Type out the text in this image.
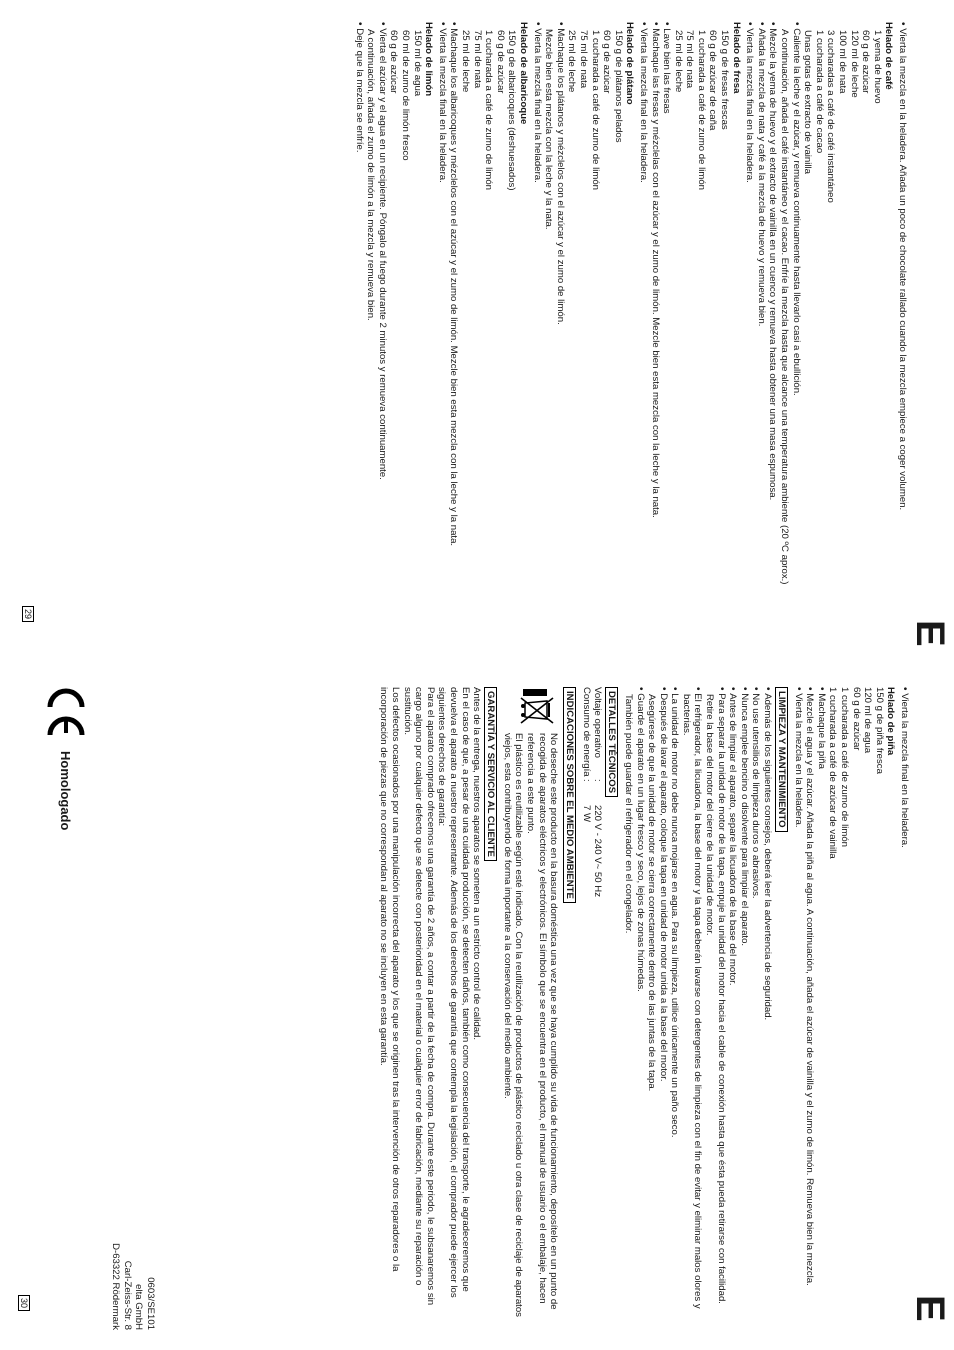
E

• Vierta la mezcla en la heladera. Añada un poco de chocolate rallado cuando la mezcla empiece a coger volumen.

Helado de café

1 yema de huevo

60 g de azúcar

120 ml de leche

100 ml de nata

3 cucharadas a café de café instantáneo

1 cucharada a café de cacao

Unas gotas de extracto de vainilla

• Caliente la leche y el azúcar, y remueva continuamente hasta llevarlo casi a ebullición.

A continuación, añada el café instantáneo y el cacao. Enfríe la mezcla hasta que alcance una temperatura ambiente (20 ºC aprox.)

• Mezcle la yema de huevo y el extracto de vainilla en un cuenco y remueva hasta obtener una masa espumosa.

• Añada la mezcla de nata y café a la mezcla de huevo y remueva bien.

• Vierta la mezcla final en la heladera.

Helado de fresa

150 g de fresas frescas

60 g de azúcar de caña

1 cucharada a café de zumo de limón

75 ml de nata

25 ml de leche

• Lave bien las fresas

• Machaque las fresas y mézclelas con el azúcar y el zumo de limón. Mezcle bien esta mezcla con la leche y la nata.

• Vierta la mezcla final en la heladera.

Helado de plátano

150 g de plátanos pelados

60 g de azúcar

1 cucharada a café de zumo de limón

75 ml de nata

25 ml de leche

• Machaque los plátanos y mézclelos con el azúcar y el zumo de limón.

Mezcle bien esta mezcla con la leche y la nata.

• Vierta la mezcla final en la heladera.

Helado de albaricoque

150 g de albaricoques (deshuesados)

60 g de azúcar

1 cucharada a café de zumo de limón

75 ml de nata

25 ml de leche

• Machaque los albaricoques y mézclelos con el azúcar y el zumo de limón. Mezcle bien esta mezcla con la leche y la nata.

• Vierta la mezcla final en la heladera.

Helado de limón

150 ml de agua

60 ml de zumo de limón fresco

60 g de azúcar

• Vierta el azúcar y el agua en un recipiente. Póngalo al fuego durante 2 minutos y remueva continuamente.

A continuación, añada el zumo de limón a la mezcla y remueva bien.

• Deje que la mezcla se enfríe.

29
E

• Vierta la mezcla final en la heladera.

Helado de piña

150 g de piña fresca

120 ml de agua

60 g de azúcar

1 cucharada a café de zumo de limón

1 cucharada a café de azúcar de vainilla

• Machaque la piña

• Mezcle el agua y el azúcar. Añada la piña al agua. A continuación, añada el azúcar de vainilla y el zumo de limón. Remueva bien la mezcla.

• Vierta la mezcla en la heladera.

LIMPIEZA Y MANTENIMIENTO

• Además de los siguientes consejos, deberá leer la advertencia de seguridad.

• No use utensilios de limpieza duros o abrasivos.

• Nunca emplee bencino o disolvente para limpiar el aparato.

• Antes de limpiar el aparato, separe la licuadora de la base del motor.

• Para separar la unidad de motor de la tapa, empuje la unidad del motor hacia el cable de conexión hasta que ésta pueda retirarse con facilidad. Retire la base del motor del cierre de la unidad de motor.

• El refrigerador, la licuadora, la base del motor y la tapa deberán lavarse con detergentes de limpieza con el fin de evitar y eliminar malos olores y bacterias.

• La unidad de motor no debe nunca mojarse en agua. Para su limpieza, utilice únicamente un paño seco.

• Después de lavar el aparato, coloque la tapa en unidad de motor unida a la base del motor.

Asegúrese de que la unidad de motor se cierra correctamente dentro de las juntas de la tapa.

• Guarde el aparato en un lugar fresco y seco, lejos de zonas húmedas.

También puede guardar el refrigerador en el congelador.

DETALLES TÉCNICOS
Voltaje operativo
:
220 V - 240 V~ 50 Hz
Consumo de energía
:
7 W
INDICACIONES SOBRE EL MEDIO AMBIENTE

No deseche este producto en la basura doméstica una vez que se haya cumplido su vida de funcionamiento, deposítelo en un punto de recogida de aparatos eléctricos y electrónicos. El símbolo que se encuentra en el producto, el manual de usuario o el embalaje, hacen referencia a este punto.

El plástico es reutilizable según esté indicado. Con la reutilización de productos de plástico reciclado u otra clase de reciclaje de aparatos viejos, esta contribuyendo de forma importante a la conservación del medio ambiente.

GARANTÍA Y SERVICIO AL CLIENTE

Antes de la entrega, nuestros aparatos se someten a un estricto control de calidad.

En el caso de que, a pesar de una cuidada producción, se detecten daños, también como consecuencia del transporte, le agradeceremos que devuelva el aparato a nuestro representante. Además de los derechos de garantía que contempla la legislación, el comprador puede ejercer los siguientes derechos de garantía:

Para el aparato comprado ofrecemos una garantía de 2 años, a contar a partir de la fecha de compra. Durante este periodo, le subsanaremos sin cargo alguno por cualquier defecto que se detecte con posterioridad en el material o cualquier error de fabricación, mediante su reparación o sustitución.

Los defectos ocasionados por una manipulación incorrecta del aparato y los que se originen tras la intervención de otros reparadores o la incorporación de piezas que no correspondan al aparato no se incluyen en esta garantía.

0603/SE101
elta GmbH
Carl-Zeiss-Str. 8
D-63322 Rödermark
Homologado
30
